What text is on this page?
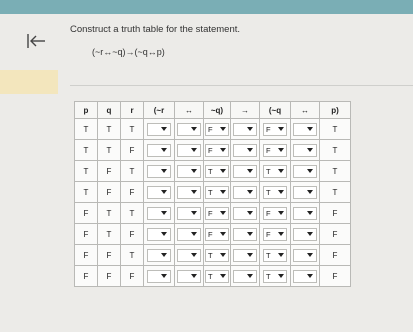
Construct a truth table for the statement.
(~r↔~q)→(~q↔p)
p	q	r	(~r	↔	~q)	→	(~q	↔	p)
T	T	T			F		F		T
T	T	F			F		F		T
T	F	T			T		T		T
T	F	F			T		T		T
F	T	T			F		F		F
F	T	F			F		F		F
F	F	T			T		T		F
F	F	F			T		T		F
